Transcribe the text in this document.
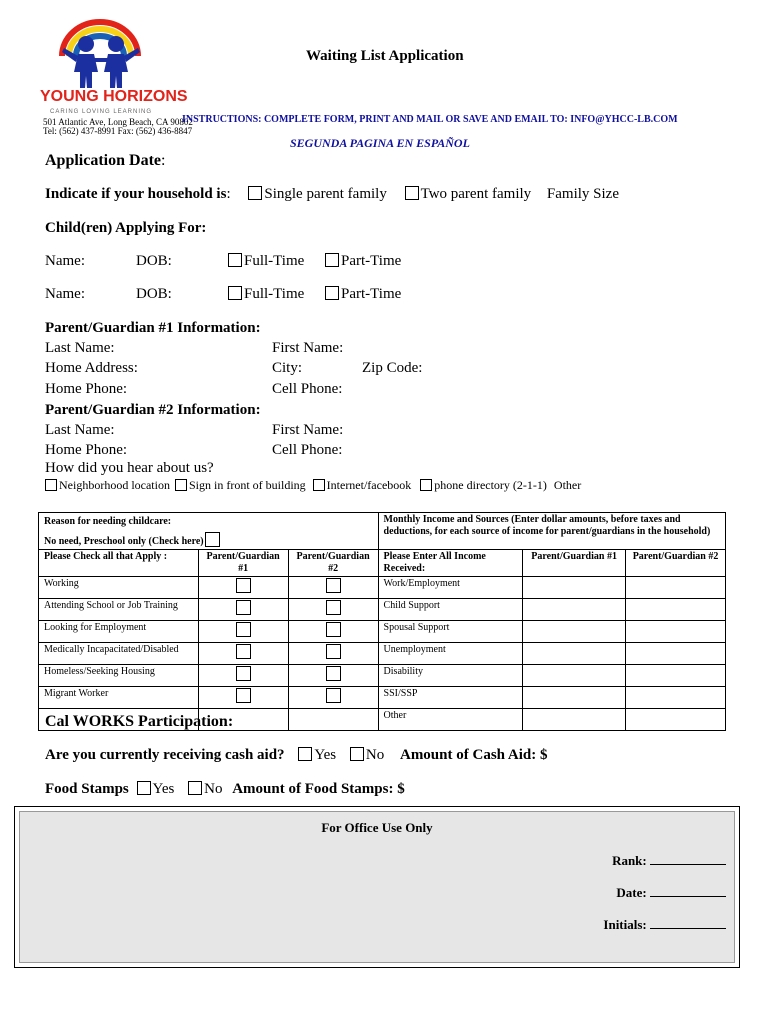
YOUNG HORIZONS
CARING LOVING LEARNING
501 Atlantic Ave, Long Beach, CA 90802
Tel: (562) 437-8991 Fax: (562) 436-8847
Waiting List Application
INSTRUCTIONS: COMPLETE FORM, PRINT AND MAIL OR SAVE AND EMAIL TO: INFO@YHCC-LB.COM
SEGUNDA PAGINA EN ESPAÑOL
Application Date:
Indicate if your household is: Single parent family Two parent family Family Size
Child(ren) Applying For:
Name:	DOB:	Full-Time	Part-Time
Name:	DOB:	Full-Time	Part-Time
Parent/Guardian #1 Information:
Last Name:	First Name:
Home Address:	City:	Zip Code:
Home Phone:	Cell Phone:
Parent/Guardian #2 Information:
Last Name:	First Name:
Home Phone:	Cell Phone:
How did you hear about us?
Neighborhood location Sign in front of building Internet/facebook phone directory (2-1-1) Other
Reason for needing childcare:
No need, Preschool only (Check here)			Monthly Income and Sources (Enter dollar amounts, before taxes and deductions, for each source of income for parent/guardians in the household)		
Please Check all that Apply :	Parent/Guardian #1	Parent/Guardian #2	Please Enter All Income Received:	Parent/Guardian #1	Parent/Guardian #2
Working			Work/Employment		
Attending School or Job Training			Child Support		
Looking for Employment			Spousal Support		
Medically Incapacitated/Disabled			Unemployment		
Homeless/Seeking Housing			Disability		
Migrant Worker			SSI/SSP		
			Other		
Cal WORKS Participation:
Are you currently receiving cash aid? Yes No Amount of Cash Aid: $
Food Stamps Yes No Amount of Food Stamps: $
For Office Use Only
Rank:
Date:
Initials:
